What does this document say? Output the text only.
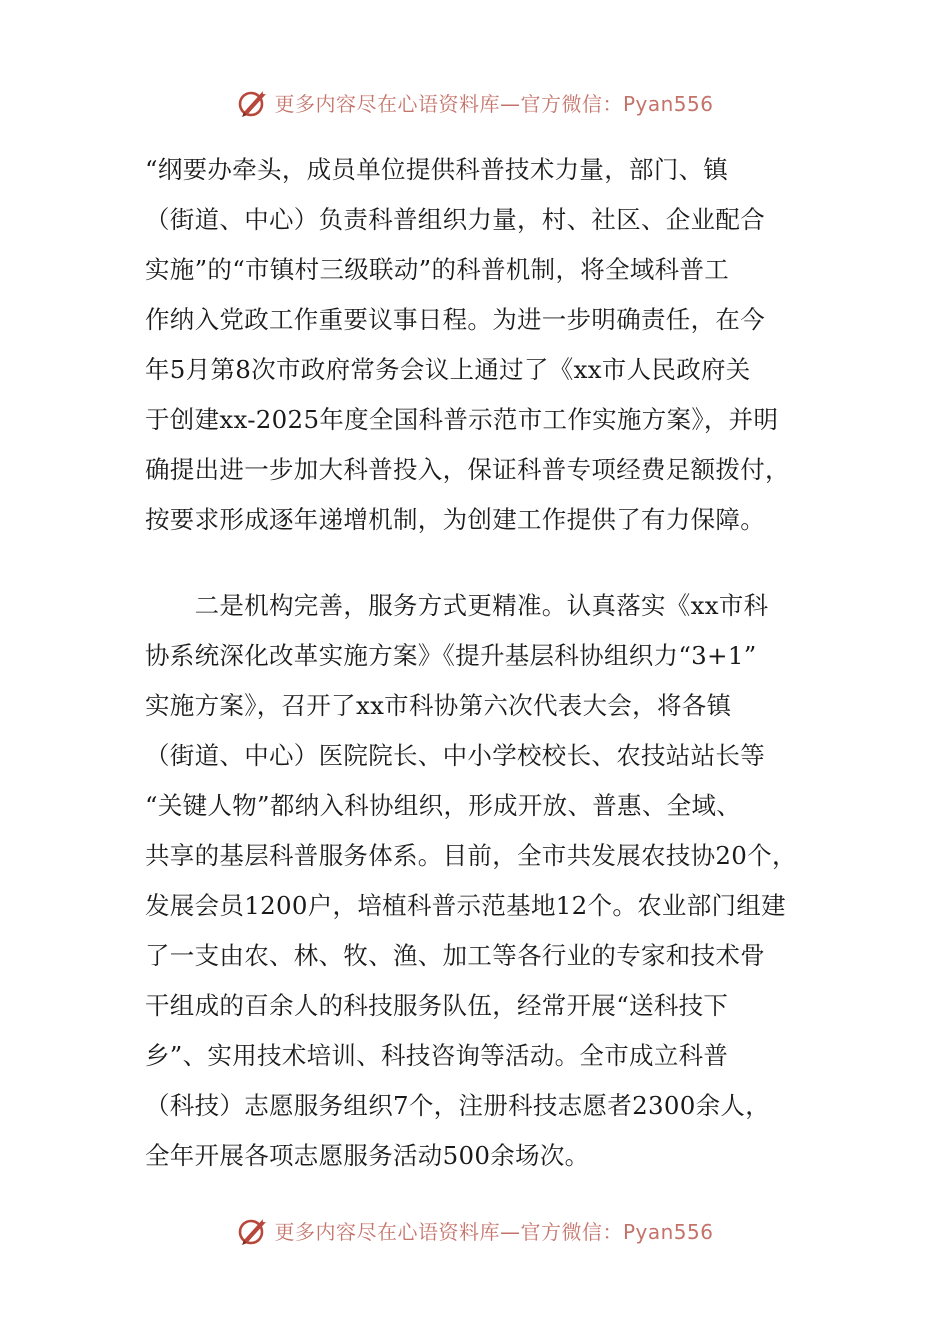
更多内容尽在心语资料库—官方微信：Pyan556
“纲要办牵头，成员单位提供科普技术力量，部门、镇
（街道、中心）负责科普组织力量，村、社区、企业配合
实施”的“市镇村三级联动”的科普机制，将全域科普工
作纳入党政工作重要议事日程。为进一步明确责任，在今
年5月第8次市政府常务会议上通过了《xx市人民政府关
于创建xx-2025年度全国科普示范市工作实施方案》，并明
确提出进一步加大科普投入，保证科普专项经费足额拨付，
按要求形成逐年递增机制，为创建工作提供了有力保障。
　　二是机构完善，服务方式更精准。认真落实《xx市科
协系统深化改革实施方案》《提升基层科协组织力“3+1”
实施方案》，召开了xx市科协第六次代表大会，将各镇
（街道、中心）医院院长、中小学校校长、农技站站长等
“关键人物”都纳入科协组织，形成开放、普惠、全域、
共享的基层科普服务体系。目前，全市共发展农技协20个，
发展会员1200户，培植科普示范基地12个。农业部门组建
了一支由农、林、牧、渔、加工等各行业的专家和技术骨
干组成的百余人的科技服务队伍，经常开展“送科技下
乡”、实用技术培训、科技咨询等活动。全市成立科普
（科技）志愿服务组织7个，注册科技志愿者2300余人，
全年开展各项志愿服务活动500余场次。
更多内容尽在心语资料库—官方微信：Pyan556
